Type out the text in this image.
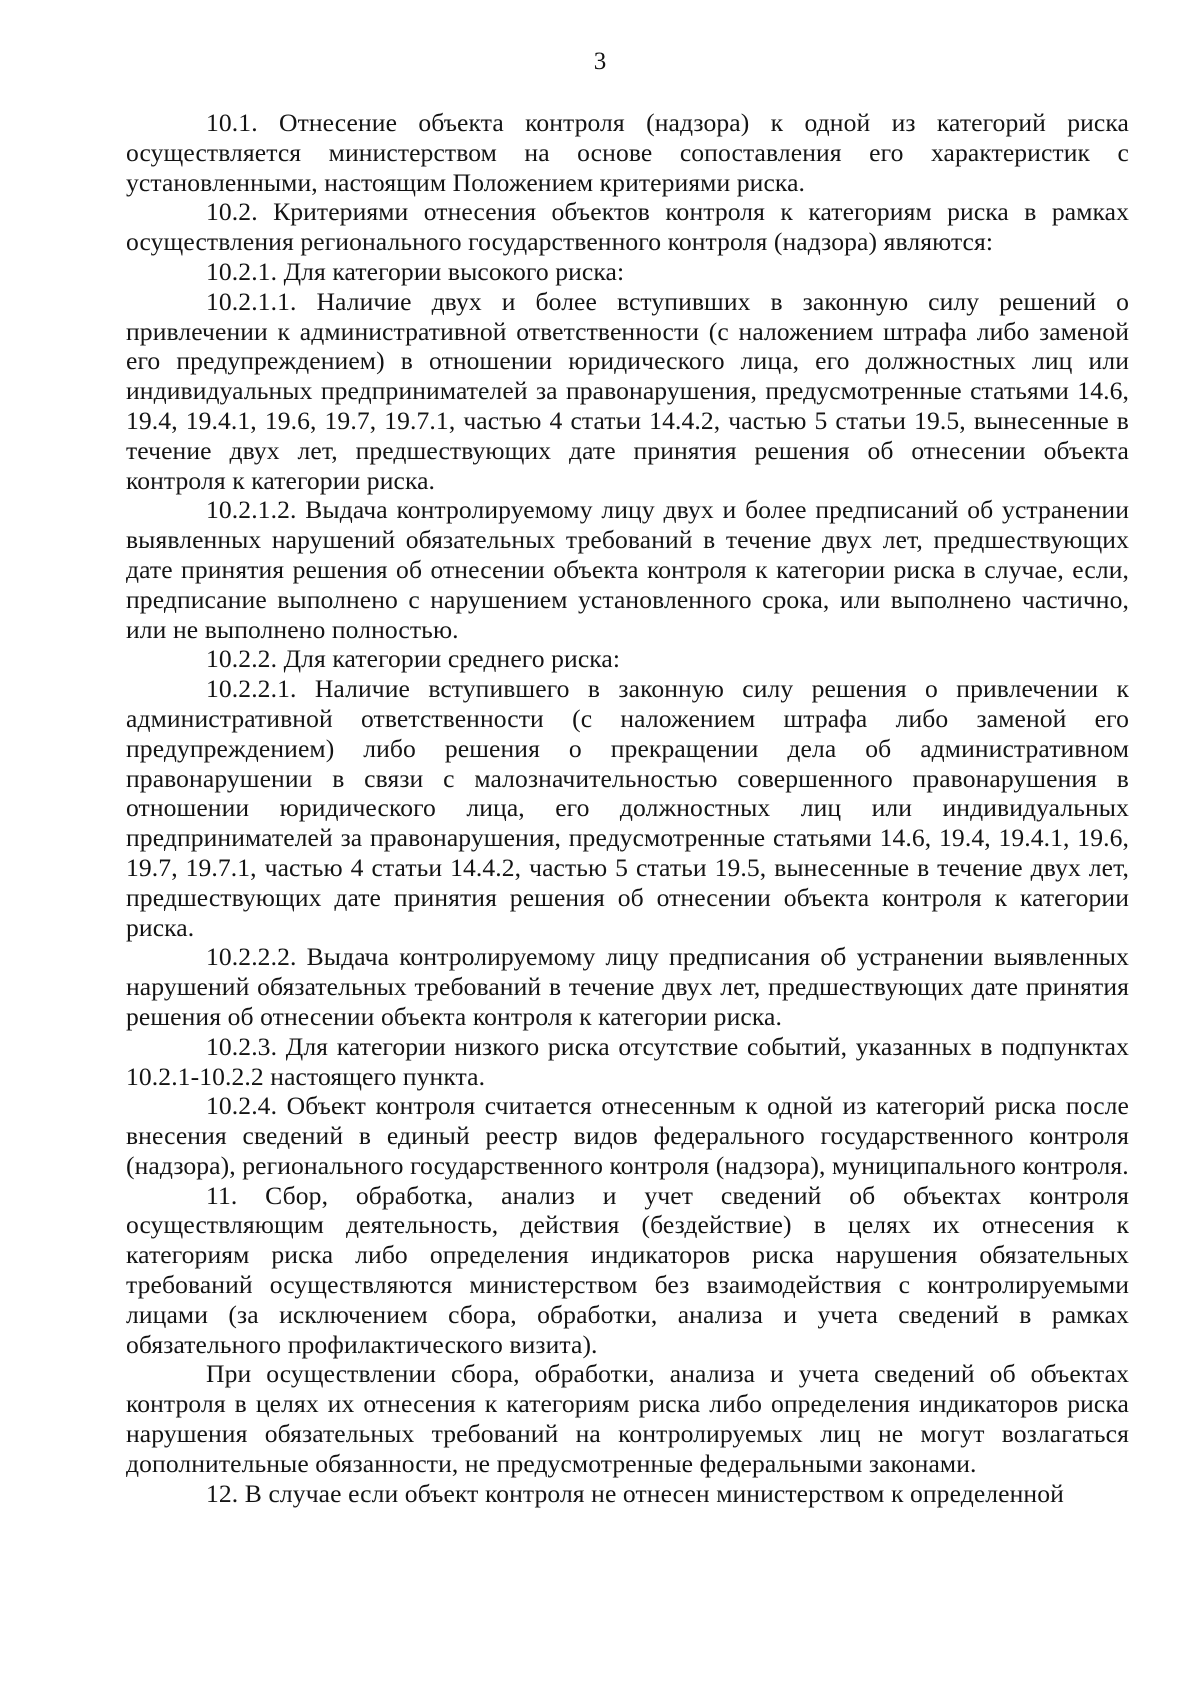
3

10.1. Отнесение объекта контроля (надзора) к одной из категорий риска осуществляется министерством на основе сопоставления его характеристик с установленными, настоящим Положением критериями риска.

10.2. Критериями отнесения объектов контроля к категориям риска в рамках осуществления регионального государственного контроля (надзора) являются:

10.2.1. Для категории высокого риска:

10.2.1.1. Наличие двух и более вступивших в законную силу решений о привлечении к административной ответственности (с наложением штрафа либо заменой его предупреждением) в отношении юридического лица, его должностных лиц или индивидуальных предпринимателей за правонарушения, предусмотренные статьями 14.6, 19.4, 19.4.1, 19.6, 19.7, 19.7.1, частью 4 статьи 14.4.2, частью 5 статьи 19.5, вынесенные в течение двух лет, предшествующих дате принятия решения об отнесении объекта контроля к категории риска.

10.2.1.2. Выдача контролируемому лицу двух и более предписаний об устранении выявленных нарушений обязательных требований в течение двух лет, предшествующих дате принятия решения об отнесении объекта контроля к категории риска в случае, если, предписание выполнено с нарушением установленного срока, или выполнено частично, или не выполнено полностью.

10.2.2. Для категории среднего риска:

10.2.2.1. Наличие вступившего в законную силу решения о привлечении к административной ответственности (с наложением штрафа либо заменой его предупреждением) либо решения о прекращении дела об административном правонарушении в связи с малозначительностью совершенного правонарушения в отношении юридического лица, его должностных лиц или индивидуальных предпринимателей за правонарушения, предусмотренные статьями 14.6, 19.4, 19.4.1, 19.6, 19.7, 19.7.1, частью 4 статьи 14.4.2, частью 5 статьи 19.5, вынесенные в течение двух лет, предшествующих дате принятия решения об отнесении объекта контроля к категории риска.

10.2.2.2. Выдача контролируемому лицу предписания об устранении выявленных нарушений обязательных требований в течение двух лет, предшествующих дате принятия решения об отнесении объекта контроля к категории риска.

10.2.3. Для категории низкого риска отсутствие событий, указанных в подпунктах 10.2.1-10.2.2 настоящего пункта.

10.2.4. Объект контроля считается отнесенным к одной из категорий риска после внесения сведений в единый реестр видов федерального государственного контроля (надзора), регионального государственного контроля (надзора), муниципального контроля.

11. Сбор, обработка, анализ и учет сведений об объектах контроля осуществляющим деятельность, действия (бездействие) в целях их отнесения к категориям риска либо определения индикаторов риска нарушения обязательных требований осуществляются министерством без взаимодействия с контролируемыми лицами (за исключением сбора, обработки, анализа и учета сведений в рамках обязательного профилактического визита).

При осуществлении сбора, обработки, анализа и учета сведений об объектах контроля в целях их отнесения к категориям риска либо определения индикаторов риска нарушения обязательных требований на контролируемых лиц не могут возлагаться дополнительные обязанности, не предусмотренные федеральными законами.

12. В случае если объект контроля не отнесен министерством к определенной
